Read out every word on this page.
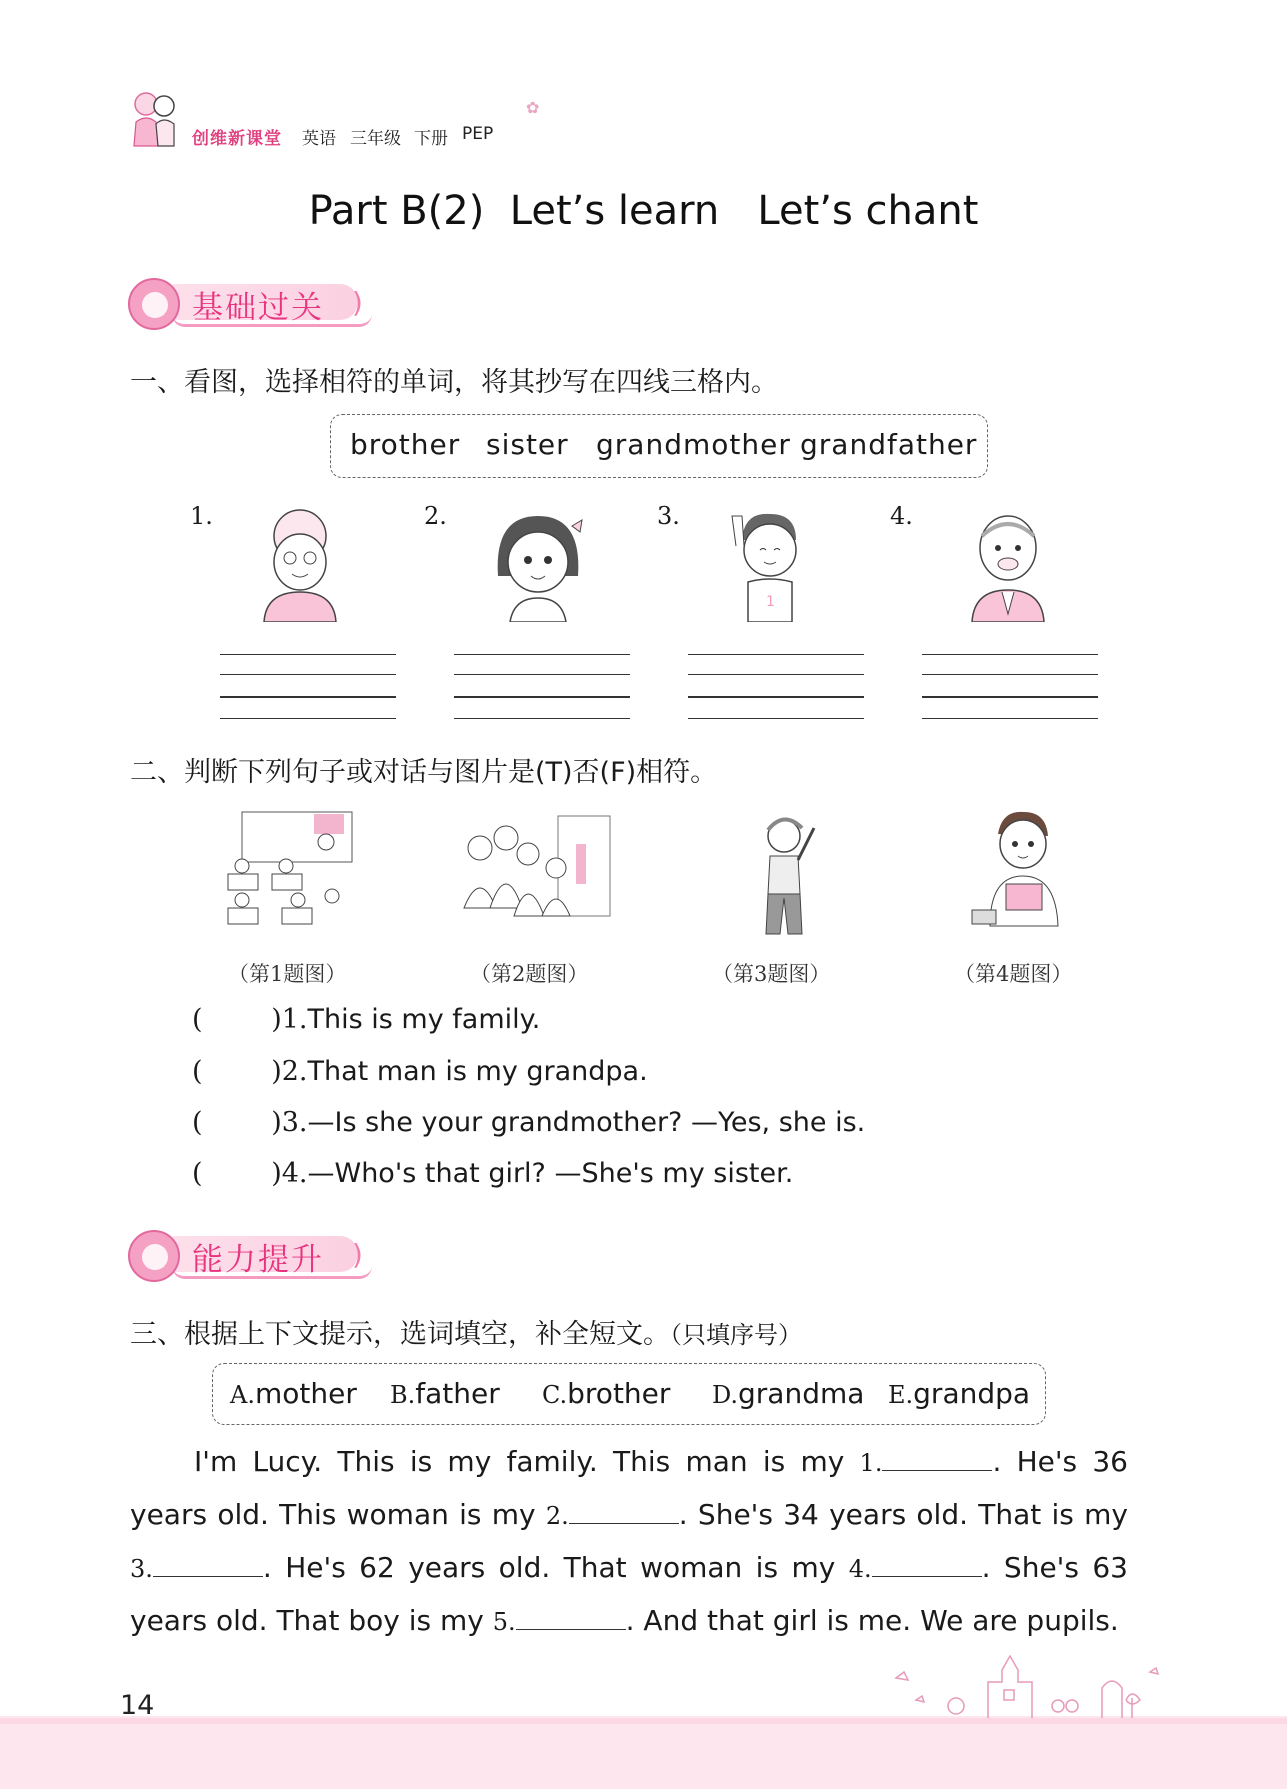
创维新课堂 英语 三年级 下册 PEP
✿
Part B(2)  Let’s learn   Let’s chant
)
基础过关
一、看图，选择相符的单词，将其抄写在四线三格内。
brother sister grandmother grandfather
1.	2.	3.	4.
1
二、判断下列句子或对话与图片是(T)否(F)相符。
（第1题图）	（第2题图）	（第3题图）	（第4题图）
(        )1.This is my family.
(        )2.That man is my grandpa.
(        )3.—Is she your grandmother? —Yes, she is.
(        )4.—Who's that girl? —She's my sister.
)
能力提升
三、根据上下文提示，选词填空，补全短文。（只填序号）
A.mother B.father C.brother D.grandma E.grandpa
I'm Lucy. This is my family. This man is my 1.	. He's 36 years old. This woman is my 2.	. She's 34 years old. That is my 3.	. He's 62 years old. That woman is my 4.	. She's 63 years old. That boy is my 5.	. And that girl is me. We are pupils.
14
